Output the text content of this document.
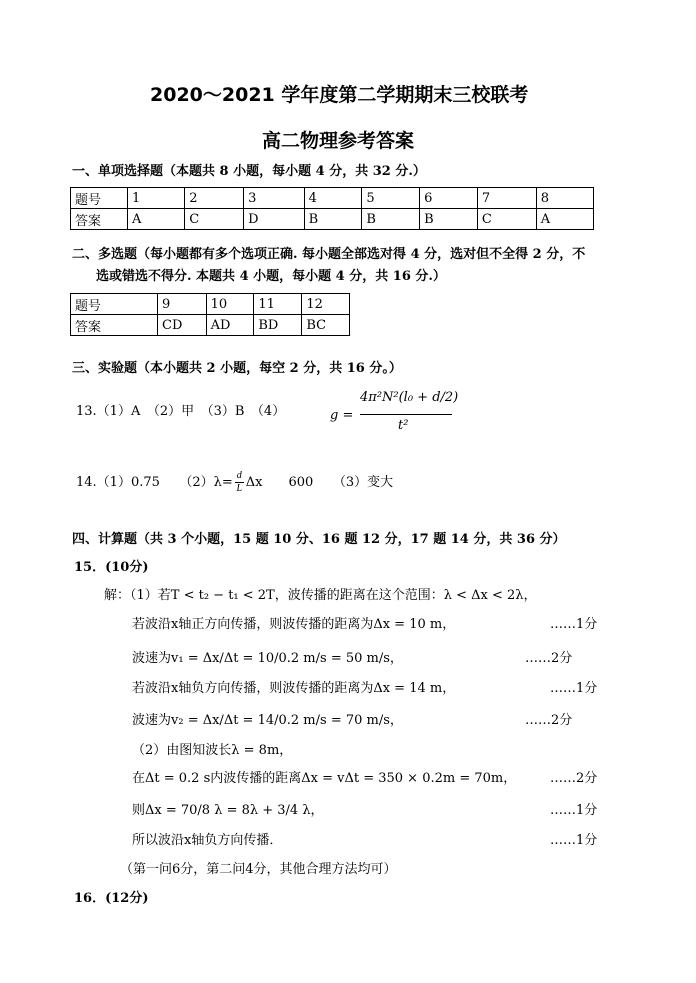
2020～2021 学年度第二学期期末三校联考
高二物理参考答案
一、单项选择题（本题共 8 小题，每小题 4 分，共 32 分.）
题号	1	2	3	4	5	6	7	8
答案	A	C	D	B	B	B	C	A
二、多选题（每小题都有多个选项正确. 每小题全部选对得 4 分，选对但不全得 2 分，不
选或错选不得分. 本题共 4 小题，每小题 4 分，共 16 分.）
题号	9	10	11	12
答案	CD	AD	BD	BC
三、实验题（本小题共 2 小题，每空 2 分，共 16 分。）
13.（1）A　（2）甲　（3）B　（4）	g =
4π²N²(l₀ + d/2)
t²
14.（1）0.75　　$(2)\lambda= \frac{d}{L}$ Δx　　600　　（3）变大
四、计算题（共 3 个小题，15 题 10 分、16 题 12 分，17 题 14 分，共 36 分）
15．(10分)
解：（1）若T < t₂ − t₁ < 2T，波传播的距离在这个范围：λ < Δx < 2λ，
若波沿x轴正方向传播，则波传播的距离为Δx = 10 m，	……1分
波速为v₁ = Δx/Δt = 10/0.2 m/s = 50 m/s，	……2分
若波沿x轴负方向传播，则波传播的距离为Δx = 14 m，	……1分
波速为v₂ = Δx/Δt = 14/0.2 m/s = 70 m/s，	……2分
（2）由图知波长λ = 8m，
在Δt = 0.2 s内波传播的距离Δx = vΔt = 350 × 0.2m = 70m，	……2分
则Δx = 70/8 λ = 8λ + 3/4 λ，	……1分
所以波沿x轴负方向传播．	……1分
（第一问6分，第二问4分，其他合理方法均可）
16．(12分)
